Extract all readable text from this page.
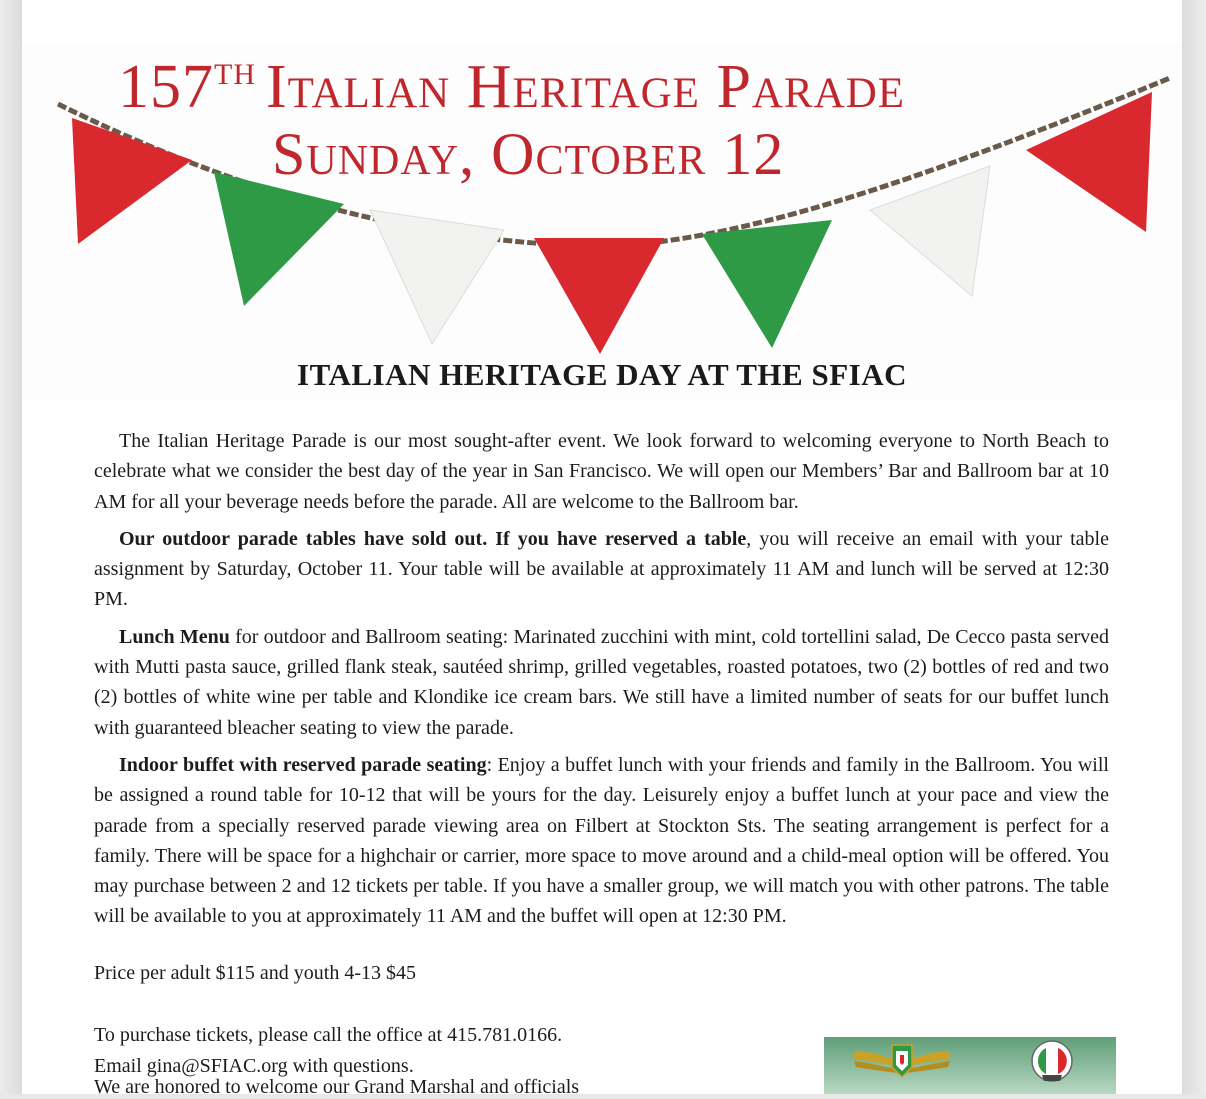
157TH Italian Heritage Parade
Sunday, October 12
ITALIAN HERITAGE DAY AT THE SFIAC

The Italian Heritage Parade is our most sought-after event. We look forward to welcoming everyone to North Beach to celebrate what we consider the best day of the year in San Francisco. We will open our Members’ Bar and Ballroom bar at 10 AM for all your beverage needs before the parade. All are welcome to the Ballroom bar.

Our outdoor parade tables have sold out. If you have reserved a table, you will receive an email with your table assignment by Saturday, October 11. Your table will be available at approximately 11 AM and lunch will be served at 12:30 PM.

Lunch Menu for outdoor and Ballroom seating: Marinated zucchini with mint, cold tortellini salad, De Cecco pasta served with Mutti pasta sauce, grilled flank steak, sautéed shrimp, grilled vegetables, roasted potatoes, two (2) bottles of red and two (2) bottles of white wine per table and Klondike ice cream bars. We still have a limited number of seats for our buffet lunch with guaranteed bleacher seating to view the parade.

Indoor buffet with reserved parade seating: Enjoy a buffet lunch with your friends and family in the Ballroom. You will be assigned a round table for 10-12 that will be yours for the day. Leisurely enjoy a buffet lunch at your pace and view the parade from a specially reserved parade viewing area on Filbert at Stockton Sts. The seating arrangement is perfect for a family. There will be space for a highchair or carrier, more space to move around and a child-meal option will be offered. You may purchase between 2 and 12 tickets per table. If you have a smaller group, we will match you with other patrons. The table will be available to you at approximately 11 AM and the buffet will open at 12:30 PM.

Price per adult $115 and youth 4-13 $45
To purchase tickets, please call the office at 415.781.0166.
Email gina@SFIAC.org with questions.
We are honored to welcome our Grand Marshal and officials
